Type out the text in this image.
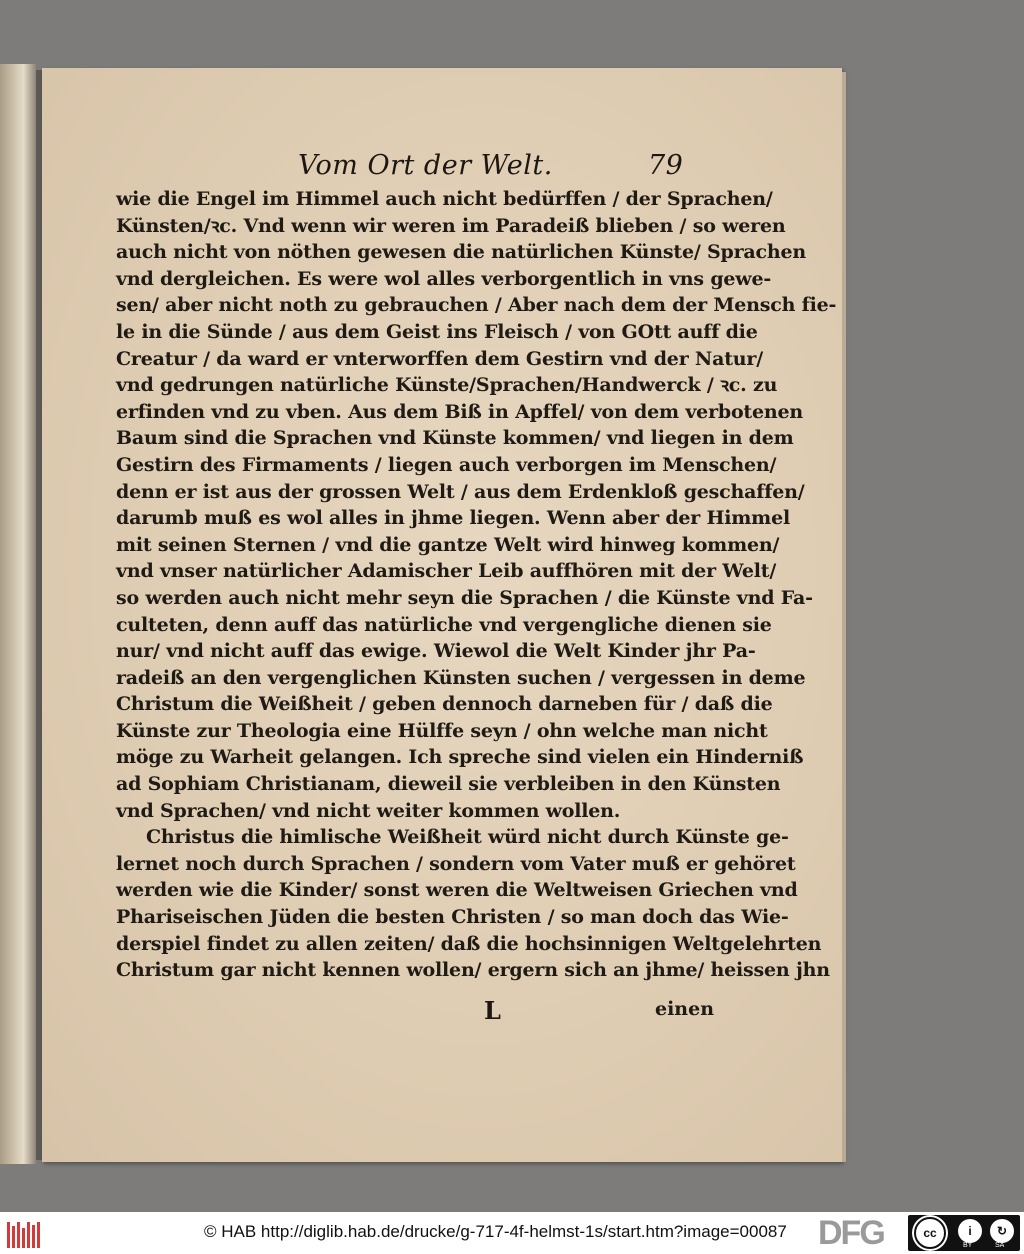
Vom Ort der Welt.	79
wie die Engel im Himmel auch nicht bedürffen / der Sprachen/
Künsten/ꝛc. Vnd wenn wir weren im Paradeiß blieben / so weren
auch nicht von nöthen gewesen die natürlichen Künste/ Sprachen
vnd dergleichen. Es were wol alles verborgentlich in vns gewe-
sen/ aber nicht noth zu gebrauchen / Aber nach dem der Mensch fie-
le in die Sünde / aus dem Geist ins Fleisch / von GOtt auff die
Creatur / da ward er vnterworffen dem Gestirn vnd der Natur/
vnd gedrungen natürliche Künste/Sprachen/Handwerck / ꝛc. zu
erfinden vnd zu vben. Aus dem Biß in Apffel/ von dem verbotenen
Baum sind die Sprachen vnd Künste kommen/ vnd liegen in dem
Gestirn des Firmaments / liegen auch verborgen im Menschen/
denn er ist aus der grossen Welt / aus dem Erdenkloß geschaffen/
darumb muß es wol alles in jhme liegen. Wenn aber der Himmel
mit seinen Sternen / vnd die gantze Welt wird hinweg kommen/
vnd vnser natürlicher Adamischer Leib auffhören mit der Welt/
so werden auch nicht mehr seyn die Sprachen / die Künste vnd Fa-
culteten, denn auff das natürliche vnd vergengliche dienen sie
nur/ vnd nicht auff das ewige. Wiewol die Welt Kinder jhr Pa-
radeiß an den vergenglichen Künsten suchen / vergessen in deme
Christum die Weißheit / geben dennoch darneben für / daß die
Künste zur Theologia eine Hülffe seyn / ohn welche man nicht
möge zu Warheit gelangen. Ich spreche sind vielen ein Hinderniß
ad Sophiam Christianam, dieweil sie verbleiben in den Künsten
vnd Sprachen/ vnd nicht weiter kommen wollen.
Christus die himlische Weißheit würd nicht durch Künste ge-
lernet noch durch Sprachen / sondern vom Vater muß er gehöret
werden wie die Kinder/ sonst weren die Weltweisen Griechen vnd
Phariseischen Jüden die besten Christen / so man doch das Wie-
derspiel findet zu allen zeiten/ daß die hochsinnigen Weltgelehrten
Christum gar nicht kennen wollen/ ergern sich an jhme/ heissen jhn
L	einen
© HAB http://diglib.hab.de/drucke/g-717-4f-helmst-1s/start.htm?image=00087 DFG	cc	i	↻
BY	SA
